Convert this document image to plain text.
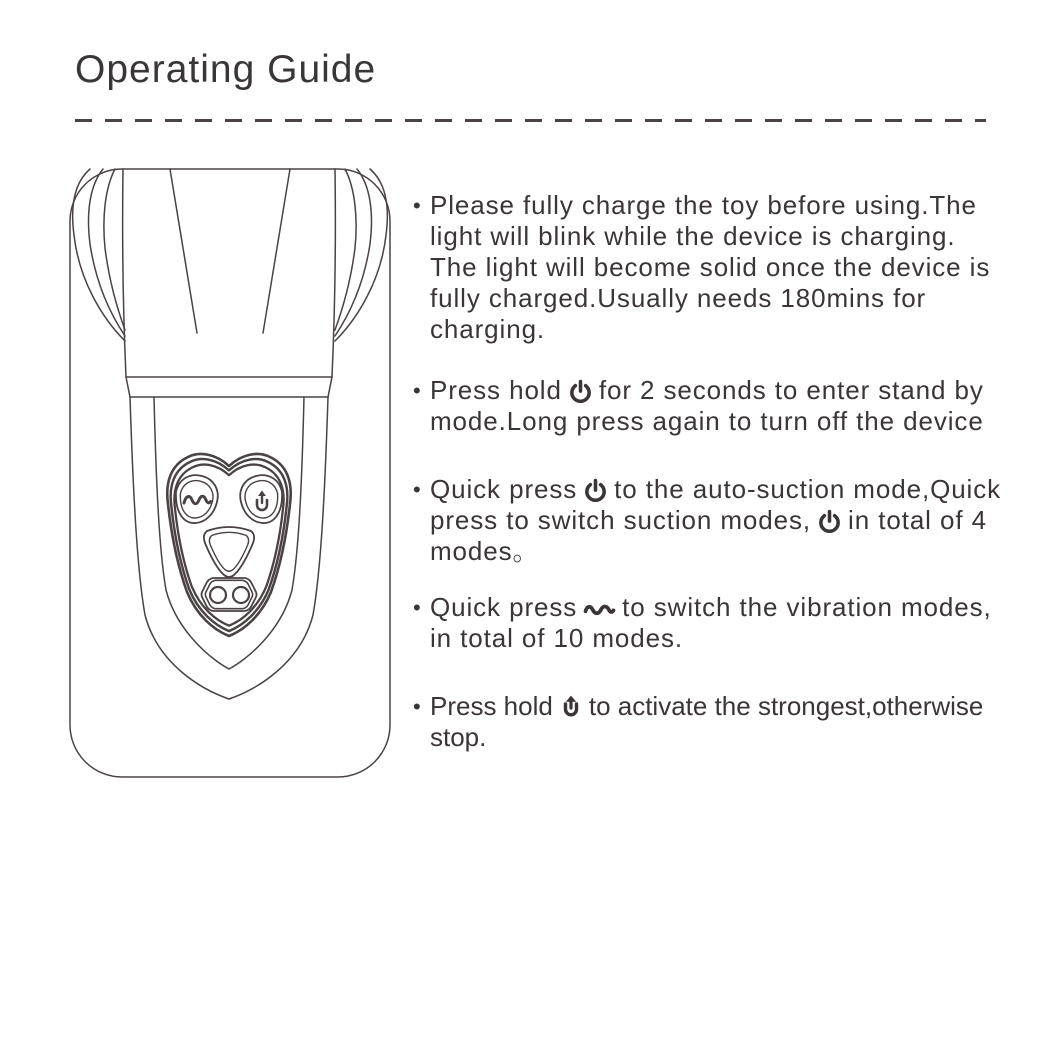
Operating Guide
• Please fully charge the toy before using.The light will blink while the device is charging. The light will become solid once the device is fully charged.Usually needs 180mins for charging.

• Press hold for 2 seconds to enter stand by mode.Long press again to turn off the device

• Quick press to the auto-suction mode,Quick press to switch suction modes, in total of 4 modes。

• Quick press to switch the vibration modes, in total of 10 modes.

• Press hold to activate the strongest,otherwise stop.
